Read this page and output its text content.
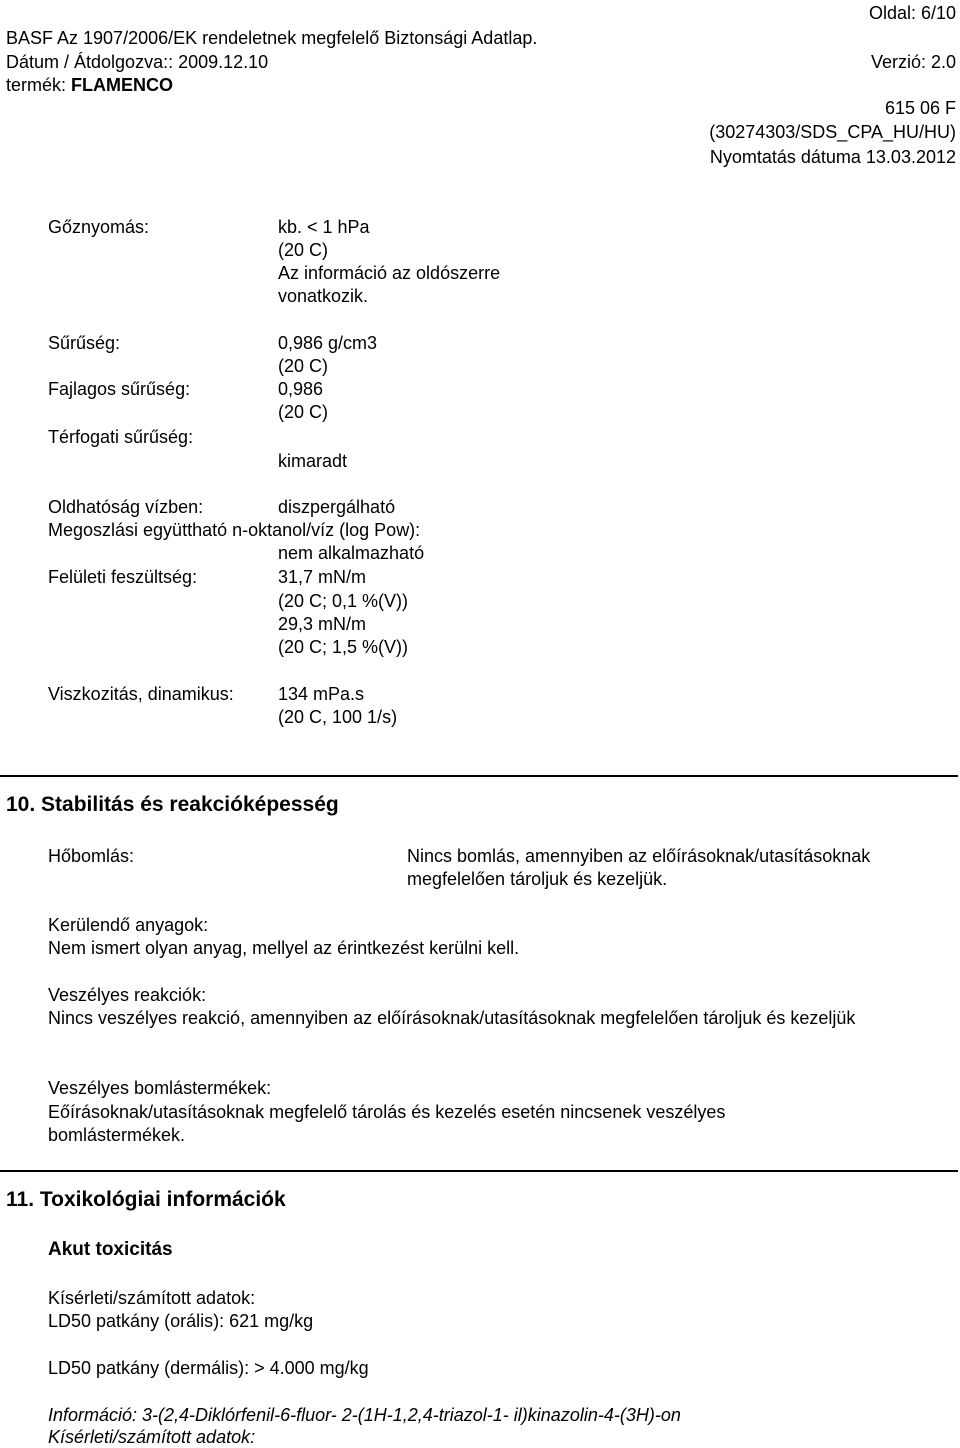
Oldal: 6/10
BASF Az 1907/2006/EK rendeletnek megfelelő Biztonsági Adatlap.
Dátum / Átdolgozva:: 2009.12.10	Verzió: 2.0
termék: FLAMENCO
615 06 F
(30274303/SDS_CPA_HU/HU)
Nyomtatás dátuma 13.03.2012
Gőznyomás:	kb. < 1 hPa
(20 C)
Az információ az oldószerre
vonatkozik.
Sűrűség:	0,986 g/cm3
(20 C)
Fajlagos sűrűség:	0,986
(20 C)
Térfogati sűrűség:
kimaradt
Oldhatóság vízben:	diszpergálható
Megoszlási együttható n-oktanol/víz (log Pow):
nem alkalmazható
Felületi feszültség:	31,7 mN/m
(20 C; 0,1 %(V))
29,3 mN/m
(20 C; 1,5 %(V))
Viszkozitás, dinamikus: 134 mPa.s
(20 C, 100 1/s)
10. Stabilitás és reakcióképesség
Hőbomlás:	Nincs bomlás, amennyiben az előírásoknak/utasításoknak
megfelelően tároljuk és kezeljük.
Kerülendő anyagok:
Nem ismert olyan anyag, mellyel az érintkezést kerülni kell.
Veszélyes reakciók:
Nincs veszélyes reakció, amennyiben az előírásoknak/utasításoknak megfelelően tároljuk és kezeljük
Veszélyes bomlástermékek:
Eőírásoknak/utasításoknak megfelelő tárolás és kezelés esetén nincsenek veszélyes
bomlástermékek.
11. Toxikológiai információk
Akut toxicitás
Kísérleti/számított adatok:
LD50 patkány (orális): 621 mg/kg
LD50 patkány (dermális): > 4.000 mg/kg
Információ: 3-(2,4-Diklórfenil-6-fluor- 2-(1H-1,2,4-triazol-1- il)kinazolin-4-(3H)-on
Kísérleti/számított adatok:
